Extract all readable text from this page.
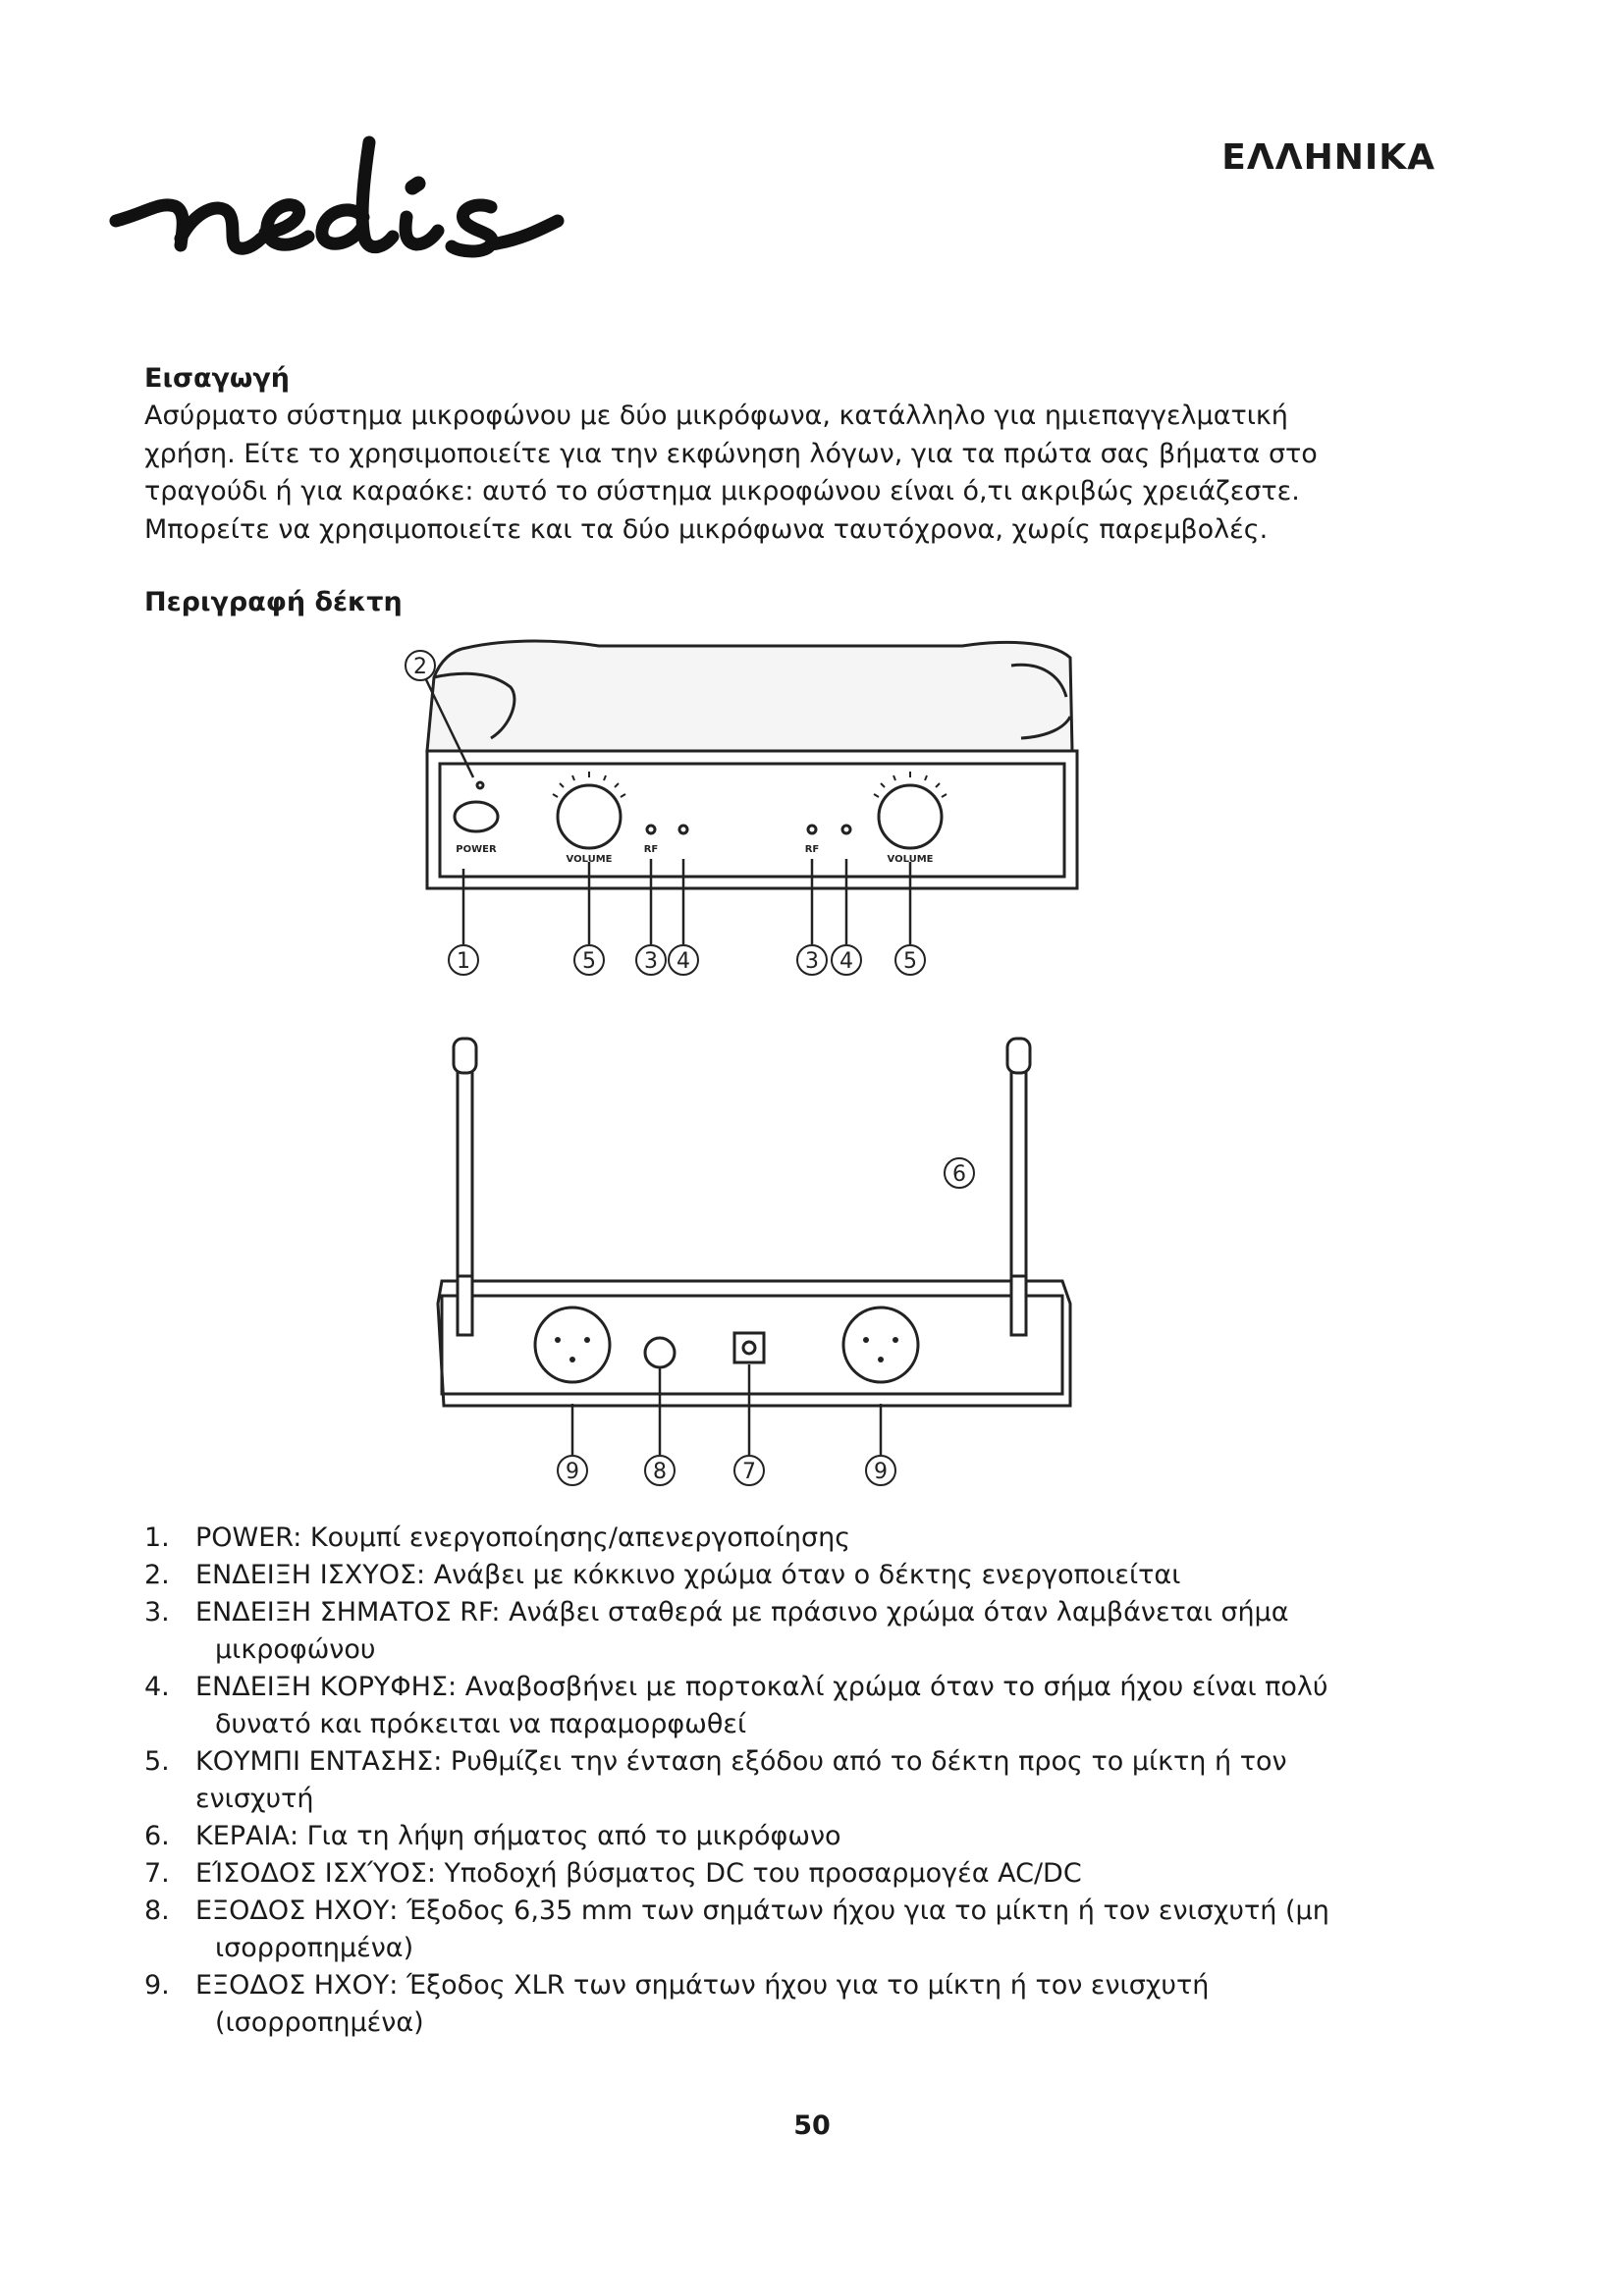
ΕΛΛΗΝΙΚΑ
Εισαγωγή

Ασύρματο σύστημα μικροφώνου με δύο μικρόφωνα, κατάλληλο για ημιεπαγγελματική

χρήση. Είτε το χρησιμοποιείτε για την εκφώνηση λόγων, για τα πρώτα σας βήματα στο

τραγούδι ή για καραόκε: αυτό το σύστημα μικροφώνου είναι ό,τι ακριβώς χρειάζεστε.

Μπορείτε να χρησιμοποιείτε και τα δύο μικρόφωνα ταυτόχρονα, χωρίς παρεμβολές.

Περιγραφή δέκτη
POWER
VOLUME
RF	RF
VOLUME
2
1	5 3 4	3 4 5
6
9	8	7	9
1. POWER: Κουμπί ενεργοποίησης/απενεργοποίησης
2. ΕΝΔΕΙΞΗ ΙΣΧΥΟΣ: Ανάβει με κόκκινο χρώμα όταν ο δέκτης ενεργοποιείται
3. ΕΝΔΕΙΞΗ ΣΗΜΑΤΟΣ RF: Ανάβει σταθερά με πράσινο χρώμα όταν λαμβάνεται σήμα
μικροφώνου
4. ΕΝΔΕΙΞΗ ΚΟΡΥΦΗΣ: Αναβοσβήνει με πορτοκαλί χρώμα όταν το σήμα ήχου είναι πολύ
δυνατό και πρόκειται να παραμορφωθεί
5. ΚΟΥΜΠΙ ΕΝΤΑΣΗΣ: Ρυθμίζει την ένταση εξόδου από το δέκτη προς το μίκτη ή τον ενισχυτή
6. ΚΕΡΑΙΑ: Για τη λήψη σήματος από το μικρόφωνο
7. ΕΊΣΟΔΟΣ ΙΣΧΎΟΣ: Υποδοχή βύσματος DC του προσαρμογέα AC/DC
8. ΕΞΟΔΟΣ ΗΧΟΥ: Έξοδος 6,35 mm των σημάτων ήχου για το μίκτη ή τον ενισχυτή (μη
ισορροπημένα)
9. ΕΞΟΔΟΣ ΗΧΟΥ: Έξοδος XLR των σημάτων ήχου για το μίκτη ή τον ενισχυτή
(ισορροπημένα)
50
